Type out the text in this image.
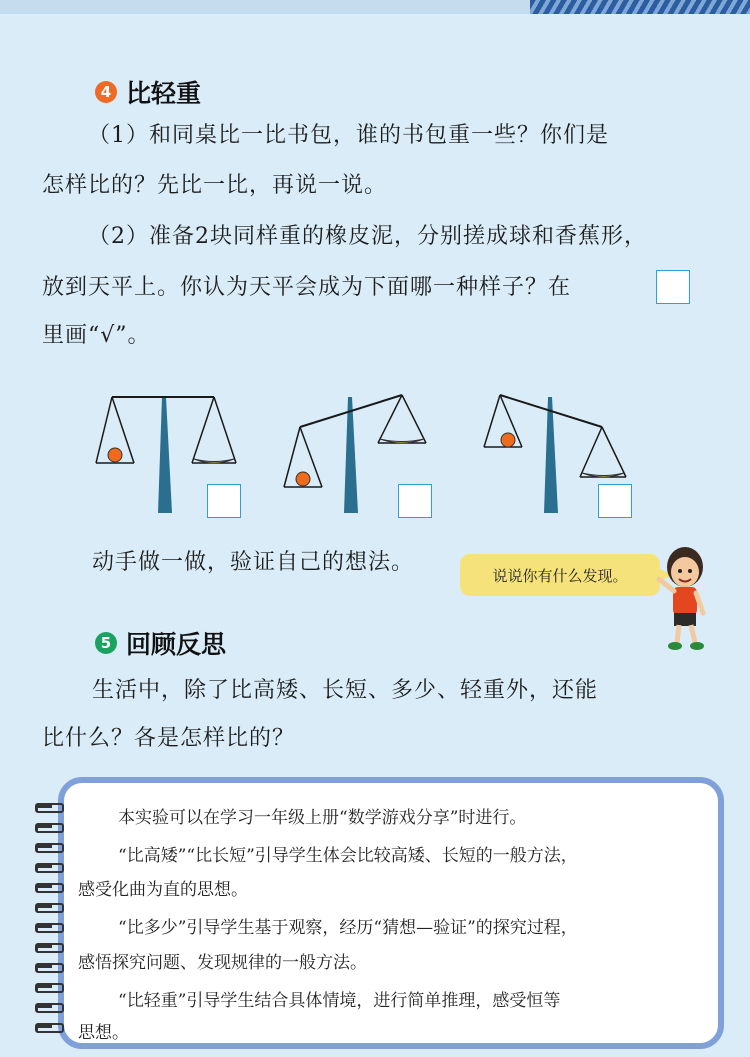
4 比轻重
（1）和同桌比一比书包，谁的书包重一些？你们是
怎样比的？先比一比，再说一说。
（2）准备2块同样重的橡皮泥，分别搓成球和香蕉形，
放到天平上。你认为天平会成为下面哪一种样子？在
里画“√”。
动手做一做，验证自己的想法。
说说你有什么发现。
5 回顾反思
生活中，除了比高矮、长短、多少、轻重外，还能
比什么？各是怎样比的？
本实验可以在学习一年级上册“数学游戏分享”时进行。
“比高矮”“比长短”引导学生体会比较高矮、长短的一般方法，
感受化曲为直的思想。
“比多少”引导学生基于观察，经历“猜想—验证”的探究过程，
感悟探究问题、发现规律的一般方法。
“比轻重”引导学生结合具体情境，进行简单推理，感受恒等
思想。
